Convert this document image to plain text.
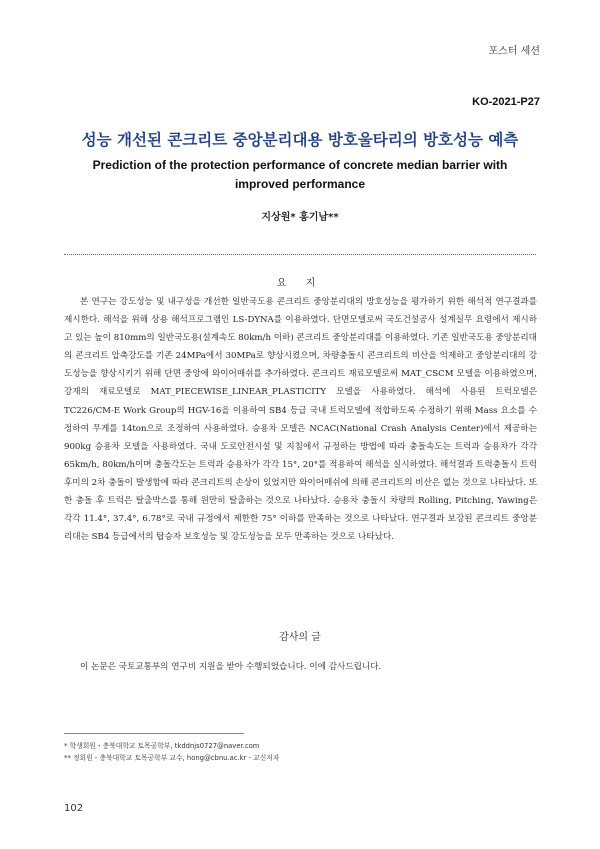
포스터 세션
KO-2021-P27
성능 개선된 콘크리트 중앙분리대용 방호울타리의 방호성능 예측
Prediction of the protection performance of concrete median barrier with improved performance
지상원* 홍기남**
요 지

본 연구는 강도성능 및 내구성을 개선한 일반국도용 콘크리트 중앙분리대의 방호성능을 평가하기 위한 해석적 연구결과를 제시한다. 해석을 위해 상용 해석프로그램인 LS-DYNA를 이용하였다. 단면모델로써 국도건설공사 설계실무 요령에서 제시하고 있는 높이 810mm의 일반국도용(설계속도 80km/h 이하) 콘크리트 중앙분리대를 이용하였다. 기존 일반국도용 중앙분리대의 콘크리트 압축강도를 기존 24MPa에서 30MPa로 향상시켰으며, 차량충돌시 콘크리트의 비산을 억제하고 중앙분리대의 강도성능을 향상시키기 위해 단면 중앙에 와이어매쉬를 추가하였다. 콘크리트 재료모델로써 MAT_CSCM 모델을 이용하였으며, 강재의 재료모델로 MAT_PIECEWISE_LINEAR_PLASTICITY 모델을 사용하였다. 해석에 사용된 트럭모델은 TC226/CM-E Work Group의 HGV-16을 이용하여 SB4 등급 국내 트럭모델에 적합하도록 수정하기 위해 Mass 요소를 수정하여 무게를 14ton으로 조정하여 사용하였다. 승용차 모델은 NCAC(National Crash Analysis Center)에서 제공하는 900kg 승용차 모델을 사용하였다. 국내 도로안전시설 및 지침에서 규정하는 방법에 따라 충돌속도는 트럭과 승용차가 각각 65km/h, 80km/h이며 충돌각도는 트럭과 승용차가 각각 15°, 20°를 적용하여 해석을 실시하였다. 해석결과 트럭충돌시 트럭 후미의 2차 충돌이 발생함에 따라 콘크리트의 손상이 있었지만 와이어매쉬에 의해 콘크리트의 비산은 없는 것으로 나타났다. 또한 충돌 후 트럭은 탈출박스를 통해 원만히 탈출하는 것으로 나타났다. 승용차 충돌시 차량의 Rolling, Pitching, Yawing은 각각 11.4°, 37.4°, 6.78°로 국내 규정에서 제한한 75° 이하를 만족하는 것으로 나타났다. 연구결과 보강된 콘크리트 중앙분리대는 SB4 등급에서의 탑승자 보호성능 및 강도성능을 모두 만족하는 것으로 나타났다.

감사의 글

이 논문은 국토교통부의 연구비 지원을 받아 수행되었습니다. 이에 감사드립니다.

* 학생회원・충북대학교 토목공학부, tkddnjs0727@naver.com
** 정회원・충북대학교 토목공학부 교수, hong@cbnu.ac.kr - 교신저자
102
